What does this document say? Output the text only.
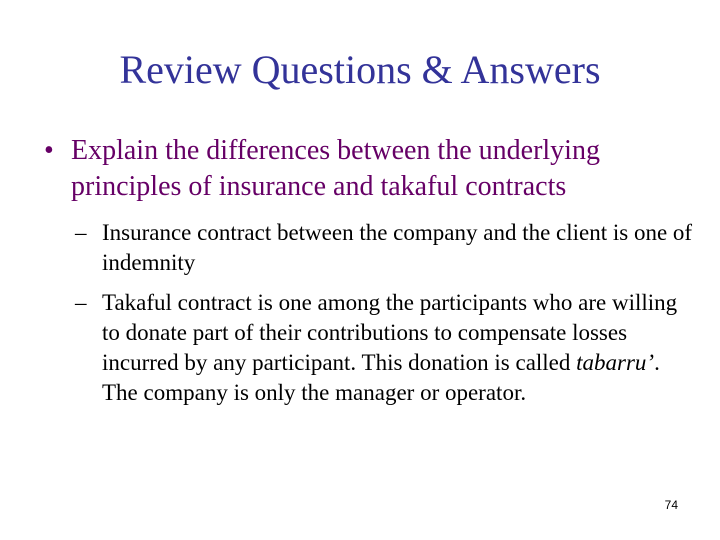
Review Questions & Answers
• Explain the differences between the underlying principles of insurance and takaful contracts
– Insurance contract between the company and the client is one of indemnity
– Takaful contract is one among the participants who are willing to donate part of their contributions to compensate losses incurred by any participant. This donation is called tabarru’. The company is only the manager or operator.
74
